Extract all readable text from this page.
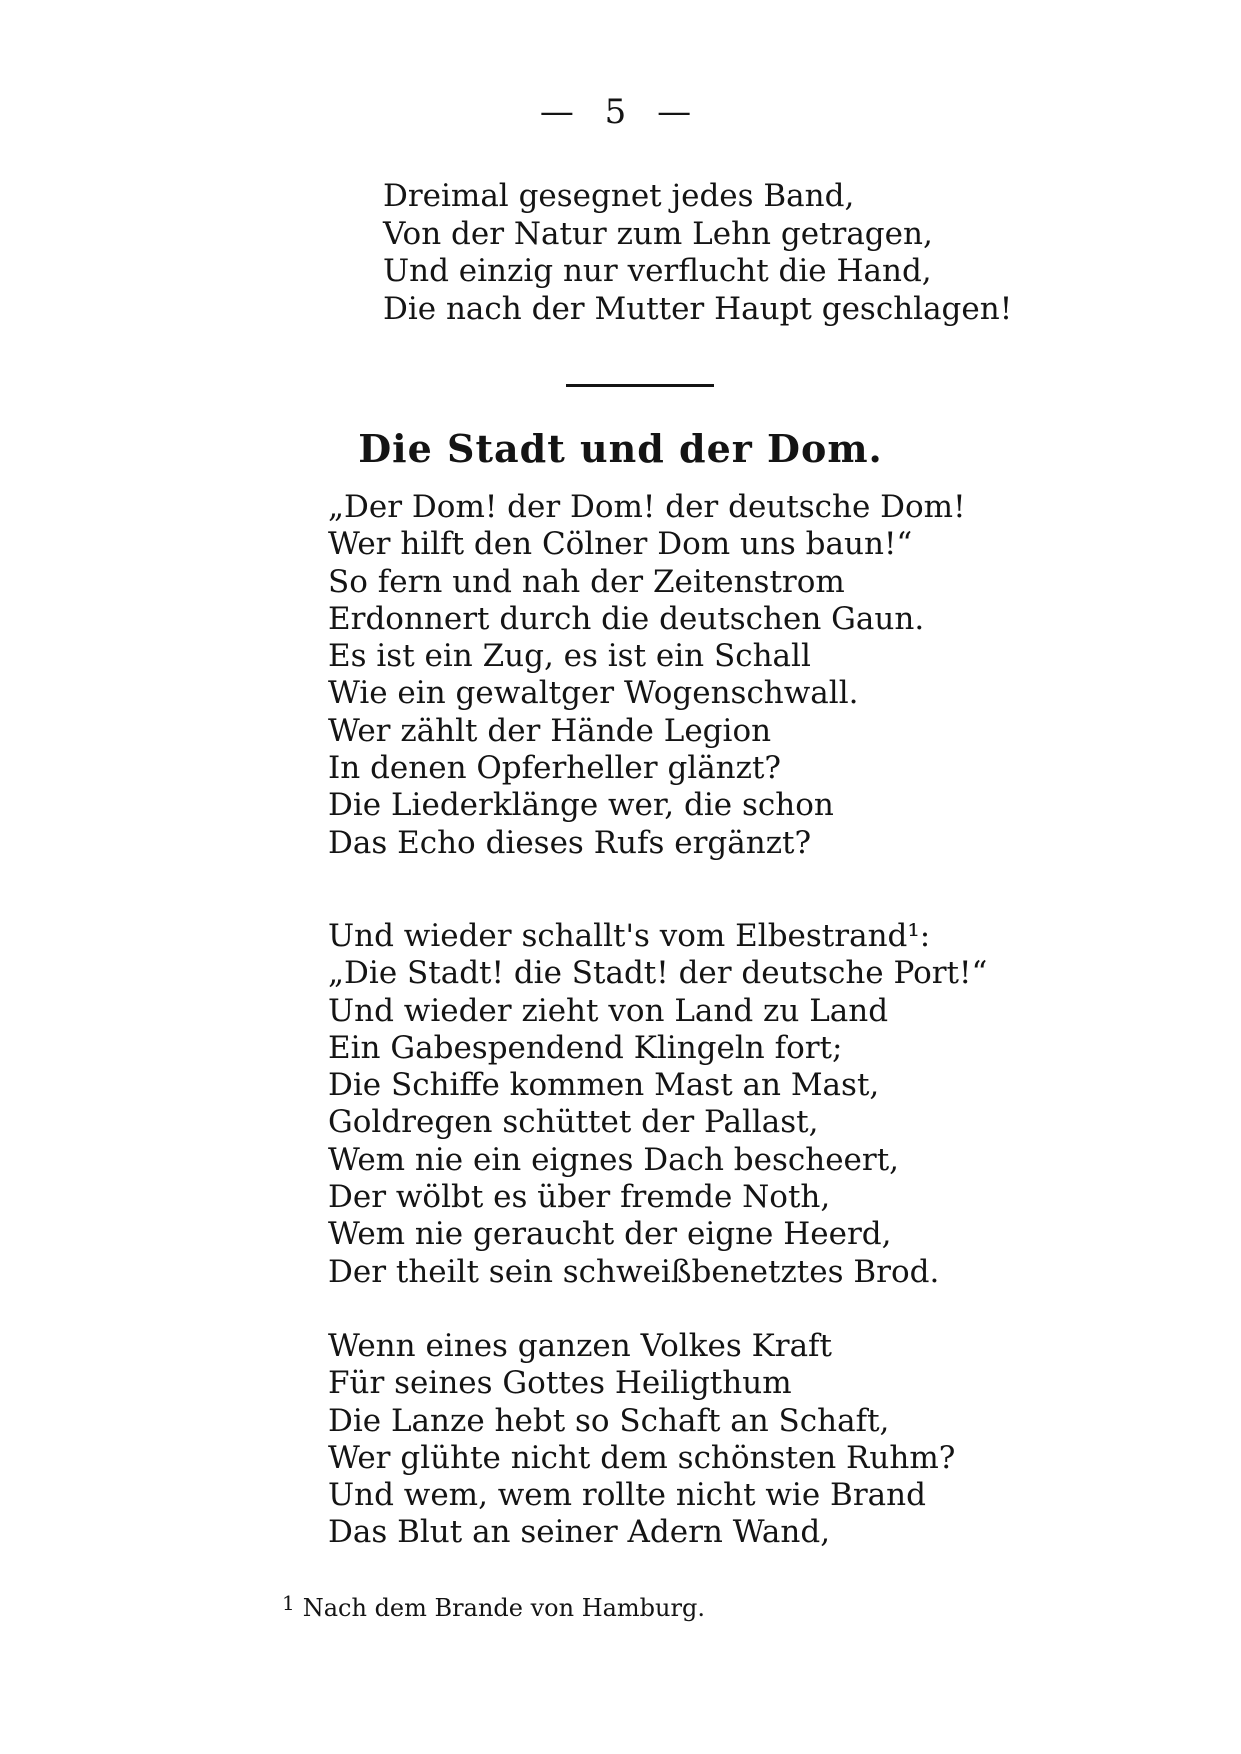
— 5 —
Dreimal gesegnet jedes Band,
Von der Natur zum Lehn getragen,
Und einzig nur verflucht die Hand,
Die nach der Mutter Haupt geschlagen!
Die Stadt und der Dom.
„Der Dom! der Dom! der deutsche Dom!
Wer hilft den Cölner Dom uns baun!“
So fern und nah der Zeitenstrom
Erdonnert durch die deutschen Gaun.
Es ist ein Zug, es ist ein Schall
Wie ein gewaltger Wogenschwall.
Wer zählt der Hände Legion
In denen Opferheller glänzt?
Die Liederklänge wer, die schon
Das Echo dieses Rufs ergänzt?
Und wieder schallt's vom Elbestrand¹:
„Die Stadt! die Stadt! der deutsche Port!“
Und wieder zieht von Land zu Land
Ein Gabespendend Klingeln fort;
Die Schiffe kommen Mast an Mast,
Goldregen schüttet der Pallast,
Wem nie ein eignes Dach bescheert,
Der wölbt es über fremde Noth,
Wem nie geraucht der eigne Heerd,
Der theilt sein schweißbenetztes Brod.
Wenn eines ganzen Volkes Kraft
Für seines Gottes Heiligthum
Die Lanze hebt so Schaft an Schaft,
Wer glühte nicht dem schönsten Ruhm?
Und wem, wem rollte nicht wie Brand
Das Blut an seiner Adern Wand,
$^1$ Nach dem Brande von Hamburg.
